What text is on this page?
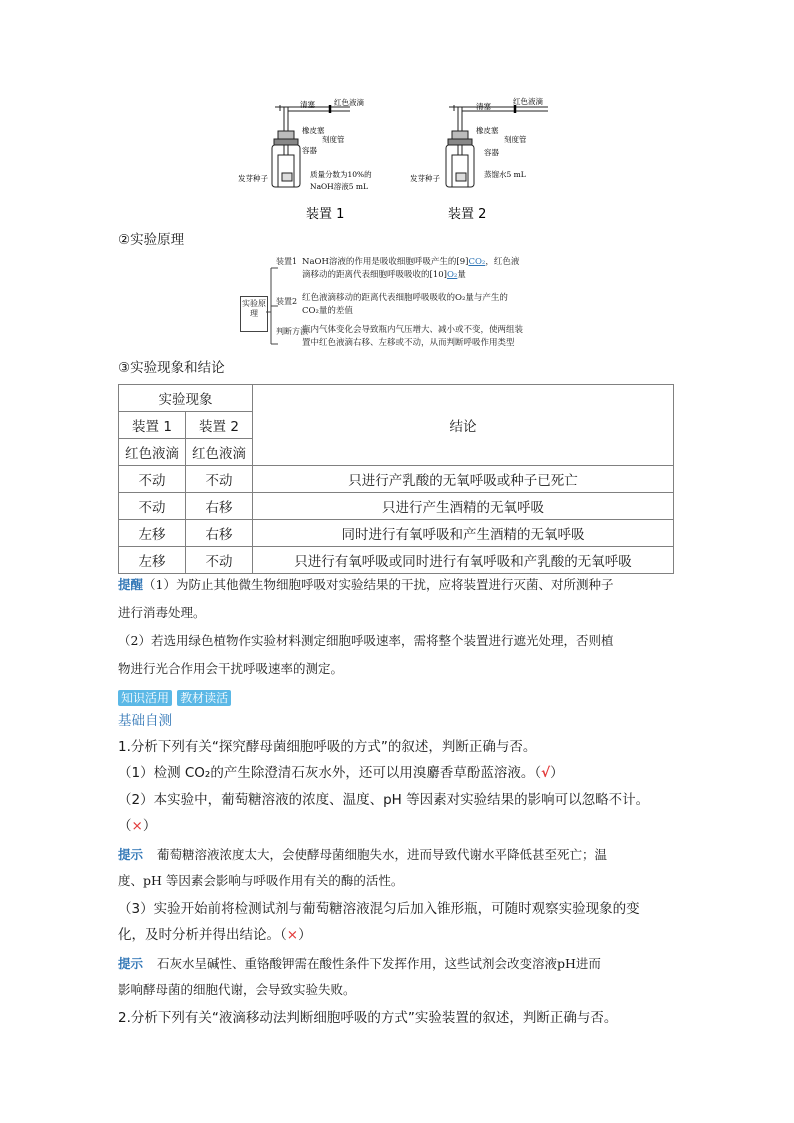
清塞	红色液滴
橡皮塞
刻度管
容器
发芽种子	质量分数为10%的
NaOH溶液5 mL
装置 1
清塞
红色液滴
橡皮塞
刻度管
容器
发芽种子	蒸馏水5 mL
装置 2
②实验原理
实验原理
装置1
装置2
判断方法
NaOH溶液的作用是吸收细胞呼吸产生的[9]CO₂，红色液
滴移动的距离代表细胞呼吸吸收的[10]O₂量
红色液滴移动的距离代表细胞呼吸吸收的O₂量与产生的
CO₂量的差值
瓶内气体变化会导致瓶内气压增大、减小或不变，使两组装
置中红色液滴右移、左移或不动，从而判断呼吸作用类型
③实验现象和结论
实验现象		结论
装置 1	装置 2	
红色液滴	红色液滴	
不动	不动	只进行产乳酸的无氧呼吸或种子已死亡
不动	右移	只进行产生酒精的无氧呼吸
左移	右移	同时进行有氧呼吸和产生酒精的无氧呼吸
左移	不动	只进行有氧呼吸或同时进行有氧呼吸和产乳酸的无氧呼吸
提醒（1）为防止其他微生物细胞呼吸对实验结果的干扰，应将装置进行灭菌、对所测种子
进行消毒处理。
（2）若选用绿色植物作实验材料测定细胞呼吸速率，需将整个装置进行遮光处理，否则植
物进行光合作用会干扰呼吸速率的测定。
知识活用 教材读活
基础自测
1.分析下列有关“探究酵母菌细胞呼吸的方式”的叙述，判断正确与否。
（1）检测 CO₂的产生除澄清石灰水外，还可以用溴麝香草酚蓝溶液。（√）
（2）本实验中，葡萄糖溶液的浓度、温度、pH 等因素对实验结果的影响可以忽略不计。
（×）
提示 葡萄糖溶液浓度太大，会使酵母菌细胞失水，进而导致代谢水平降低甚至死亡；温
度、pH 等因素会影响与呼吸作用有关的酶的活性。
（3）实验开始前将检测试剂与葡萄糖溶液混匀后加入锥形瓶，可随时观察实验现象的变
化，及时分析并得出结论。（×）
提示 石灰水呈碱性、重铬酸钾需在酸性条件下发挥作用，这些试剂会改变溶液pH进而
影响酵母菌的细胞代谢，会导致实验失败。
2.分析下列有关“液滴移动法判断细胞呼吸的方式”实验装置的叙述，判断正确与否。
